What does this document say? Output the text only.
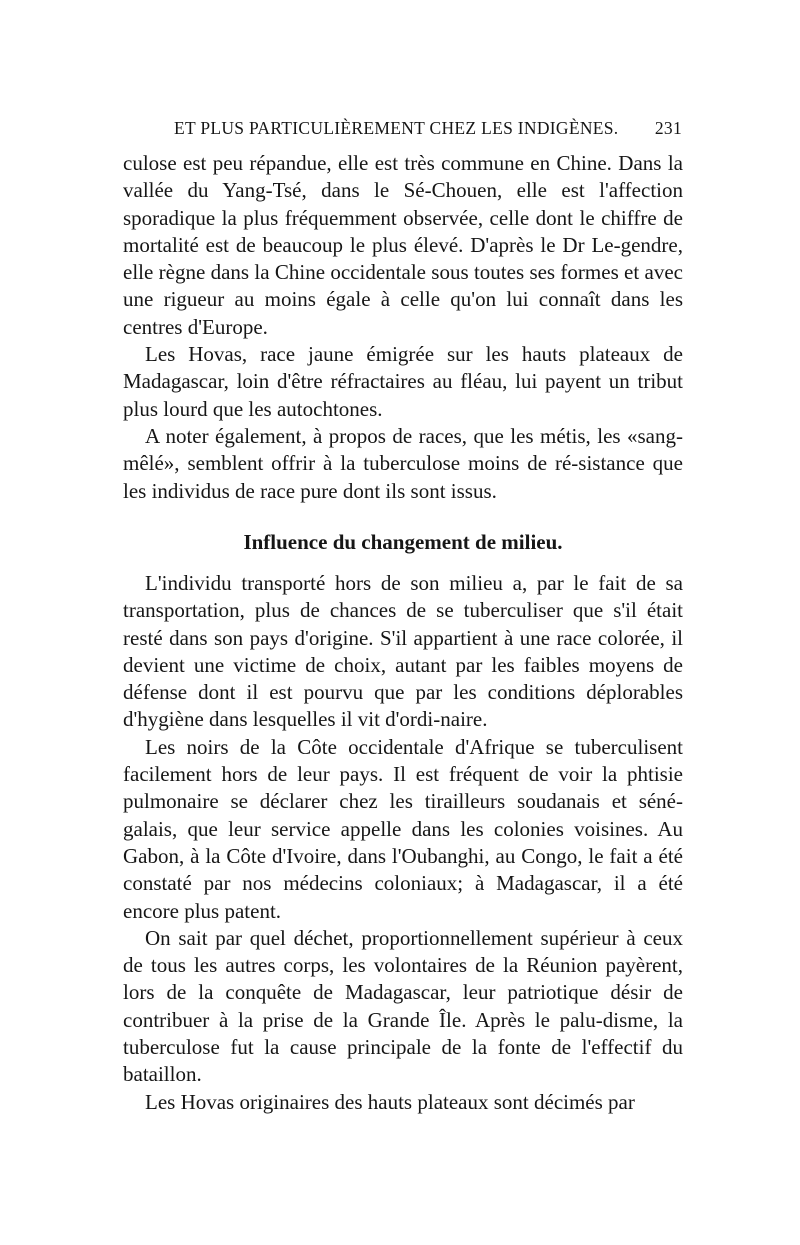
ET PLUS PARTICULIÈREMENT CHEZ LES INDIGÈNES. 231

culose est peu répandue, elle est très commune en Chine. Dans la vallée du Yang-Tsé, dans le Sé-Chouen, elle est l'affection sporadique la plus fréquemment observée, celle dont le chiffre de mortalité est de beaucoup le plus élevé. D'après le Dr Le-gendre, elle règne dans la Chine occidentale sous toutes ses formes et avec une rigueur au moins égale à celle qu'on lui connaît dans les centres d'Europe.

Les Hovas, race jaune émigrée sur les hauts plateaux de Madagascar, loin d'être réfractaires au fléau, lui payent un tribut plus lourd que les autochtones.

A noter également, à propos de races, que les métis, les «sang-mêlé», semblent offrir à la tuberculose moins de ré-sistance que les individus de race pure dont ils sont issus.

Influence du changement de milieu.

L'individu transporté hors de son milieu a, par le fait de sa transportation, plus de chances de se tuberculiser que s'il était resté dans son pays d'origine. S'il appartient à une race colorée, il devient une victime de choix, autant par les faibles moyens de défense dont il est pourvu que par les conditions déplorables d'hygiène dans lesquelles il vit d'ordi-naire.

Les noirs de la Côte occidentale d'Afrique se tuberculisent facilement hors de leur pays. Il est fréquent de voir la phtisie pulmonaire se déclarer chez les tirailleurs soudanais et séné-galais, que leur service appelle dans les colonies voisines. Au Gabon, à la Côte d'Ivoire, dans l'Oubanghi, au Congo, le fait a été constaté par nos médecins coloniaux; à Madagascar, il a été encore plus patent.

On sait par quel déchet, proportionnellement supérieur à ceux de tous les autres corps, les volontaires de la Réunion payèrent, lors de la conquête de Madagascar, leur patriotique désir de contribuer à la prise de la Grande Île. Après le palu-disme, la tuberculose fut la cause principale de la fonte de l'effectif du bataillon.

Les Hovas originaires des hauts plateaux sont décimés par
